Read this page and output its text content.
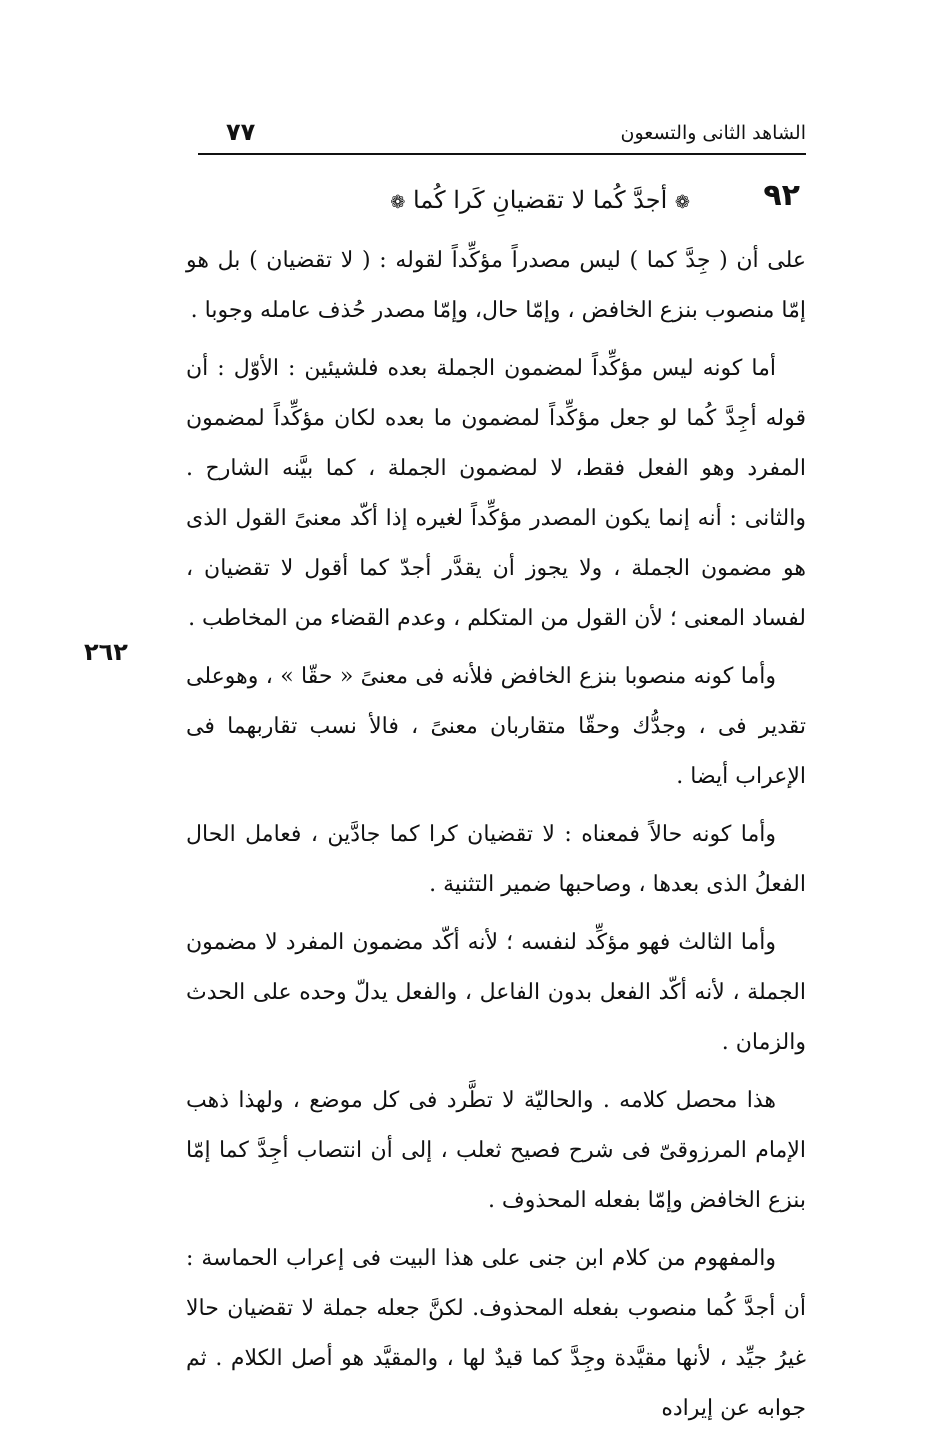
الشاهد الثانى والتسعون
٧٧
٩٢
❁ أجدَّ كُما لا تقضيانِ كَرا كُما ❁

على أن ( جِدَّ كما ) ليس مصدراً مؤكِّداً لقوله : ( لا تقضيان ) بل هو إمّا منصوب بنزع الخافض ، وإمّا حال، وإمّا مصدر حُذف عامله وجوبا .

أما كونه ليس مؤكِّداً لمضمون الجملة بعده فلشيئين : الأوّل : أن قوله أجِدَّ كُما لو جعل مؤكِّداً لمضمون ما بعده لكان مؤكِّداً لمضمون المفرد وهو الفعل فقط، لا لمضمون الجملة ، كما بيَّنه الشارح . والثانى : أنه إنما يكون المصدر مؤكِّداً لغيره إذا أكّد معنىً القول الذى هو مضمون الجملة ، ولا يجوز أن يقدَّر أجدّ كما أقول لا تقضيان ، لفساد المعنى ؛ لأن القول من المتكلم ، وعدم القضاء من المخاطب .

وأما كونه منصوبا بنزع الخافض فلأنه فى معنىً « حقّا » ، وهوعلى تقدير فى ، وجدُّك وحقّا متقاربان معنىً ، فالأ نسب تقاربهما فى الإعراب أيضا .

وأما كونه حالاً فمعناه : لا تقضيان كرا كما جادَّين ، فعامل الحال الفعلُ الذى بعدها ، وصاحبها ضمير التثنية .

وأما الثالث فهو مؤكِّد لنفسه ؛ لأنه أكّد مضمون المفرد لا مضمون الجملة ، لأنه أكّد الفعل بدون الفاعل ، والفعل يدلّ وحده على الحدث والزمان .

هذا محصل كلامه . والحاليّة لا تطَّرد فى كل موضع ، ولهذا ذهب الإمام المرزوقىّ فى شرح فصيح ثعلب ، إلى أن انتصاب أجِدَّ كما إمّا بنزع الخافض وإمّا بفعله المحذوف .

والمفهوم من كلام ابن جنى على هذا البيت فى إعراب الحماسة : أن أجدَّ كُما منصوب بفعله المحذوف. لكنَّ جعله جملة لا تقضيان حالا غيرُ جيِّد ، لأنها مقيَّدة وجِدَّ كما قيدٌ لها ، والمقيَّد هو أصل الكلام . ثم جوابه عن إيراده

٢٦٢
